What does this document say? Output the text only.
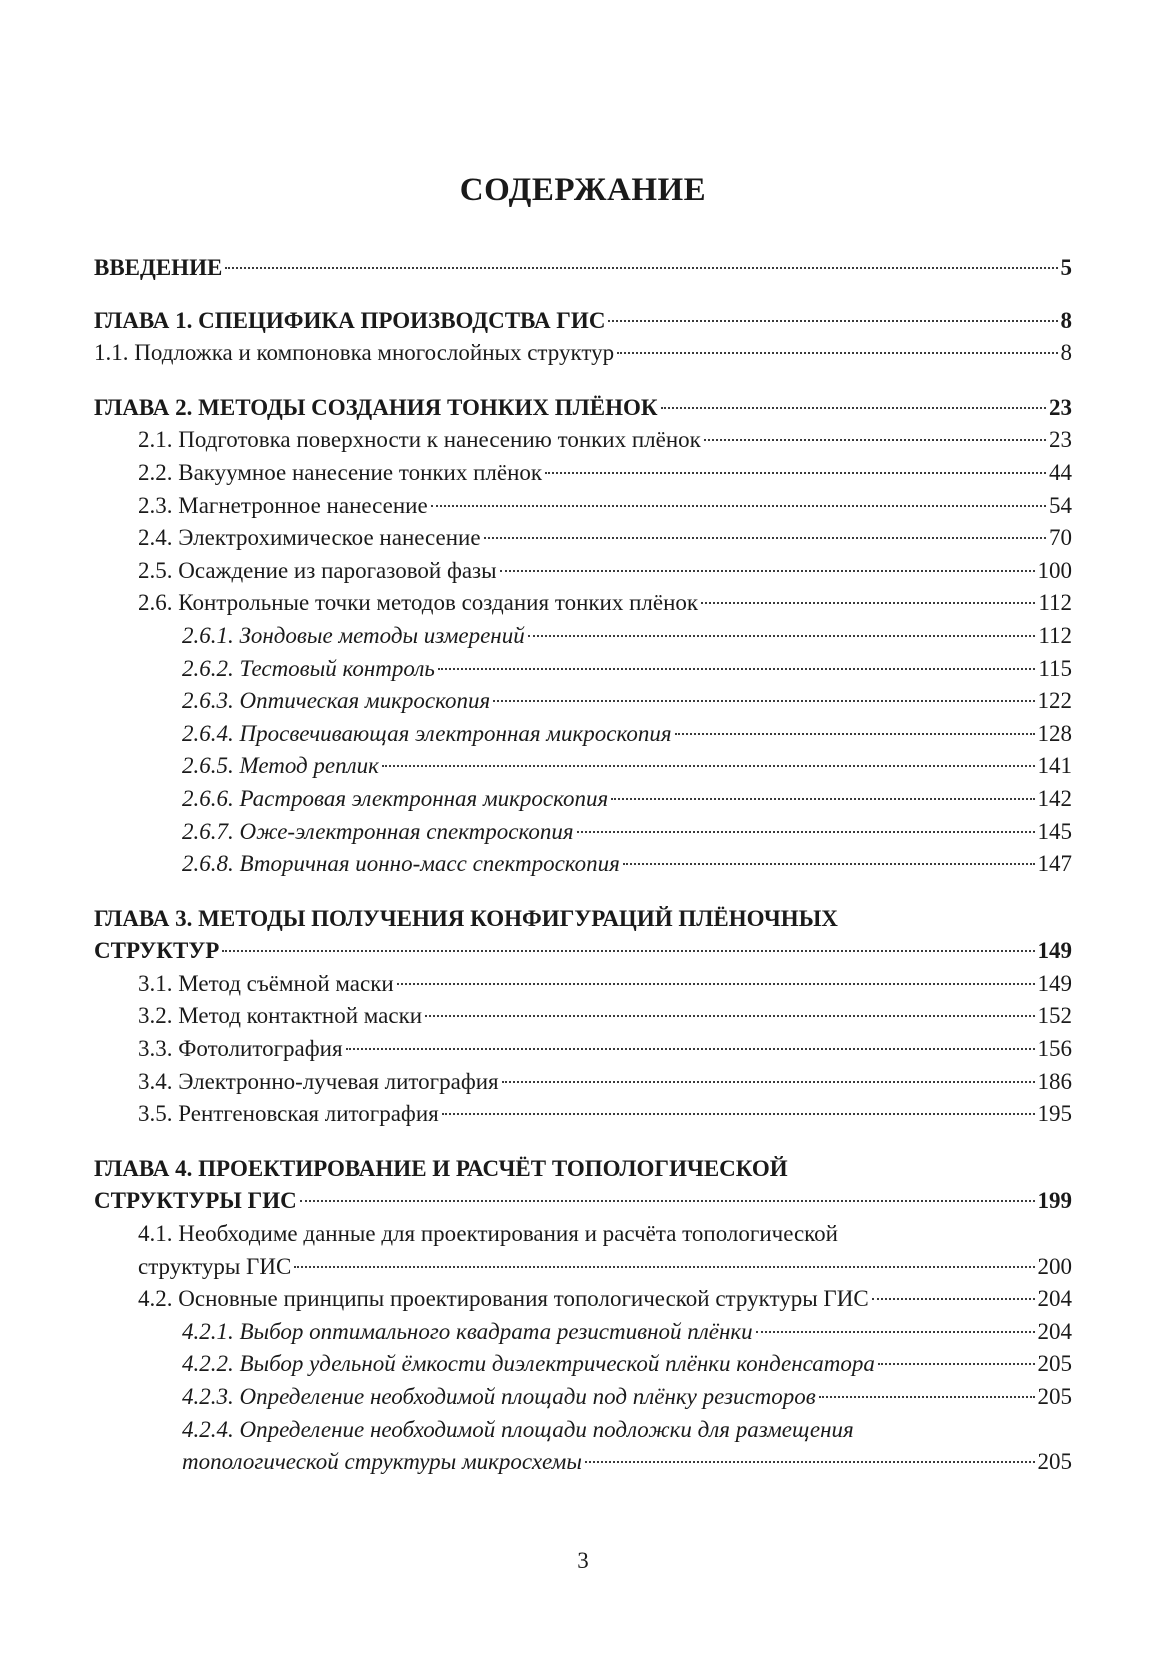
СОДЕРЖАНИЕ
ВВЕДЕНИЕ	5
ГЛАВА 1. СПЕЦИФИКА ПРОИЗВОДСТВА ГИС	8
1.1. Подложка и компоновка многослойных структур	8
ГЛАВА 2. МЕТОДЫ СОЗДАНИЯ ТОНКИХ ПЛЁНОК	23
2.1. Подготовка поверхности к нанесению тонких плёнок	23
2.2. Вакуумное нанесение тонких плёнок	44
2.3. Магнетронное нанесение	54
2.4. Электрохимическое нанесение	70
2.5. Осаждение из парогазовой фазы	100
2.6. Контрольные точки методов создания тонких плёнок	112
2.6.1. Зондовые методы измерений	112
2.6.2. Тестовый контроль	115
2.6.3. Оптическая микроскопия	122
2.6.4. Просвечивающая электронная микроскопия	128
2.6.5. Метод реплик	141
2.6.6. Растровая электронная микроскопия	142
2.6.7. Оже-электронная спектроскопия	145
2.6.8. Вторичная ионно-масс спектроскопия	147
ГЛАВА 3. МЕТОДЫ ПОЛУЧЕНИЯ КОНФИГУРАЦИЙ ПЛЁНОЧНЫХ
СТРУКТУР	149
3.1. Метод съёмной маски	149
3.2. Метод контактной маски	152
3.3. Фотолитография	156
3.4. Электронно-лучевая литография	186
3.5. Рентгеновская литография	195
ГЛАВА 4. ПРОЕКТИРОВАНИЕ И РАСЧЁТ ТОПОЛОГИЧЕСКОЙ
СТРУКТУРЫ ГИС	199
4.1. Необходиме данные для проектирования и расчёта топологической
структуры ГИС	200
4.2. Основные принципы проектирования топологической структуры ГИС	204
4.2.1. Выбор оптимального квадрата резистивной плёнки	204
4.2.2. Выбор удельной ёмкости диэлектрической плёнки конденсатора	205
4.2.3. Определение необходимой площади под плёнку резисторов	205
4.2.4. Определение необходимой площади подложки для размещения
топологической структуры микросхемы	205
3
